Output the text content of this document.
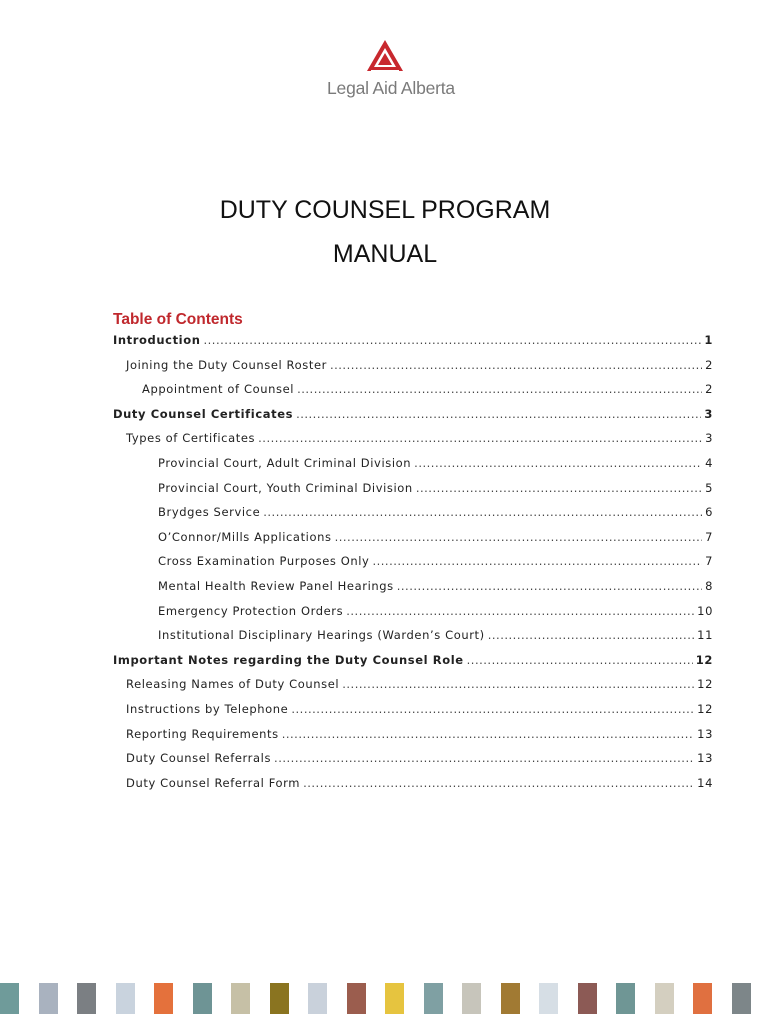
Legal Aid Alberta
DUTY COUNSEL PROGRAM
MANUAL
Table of Contents
Introduction .....	1
Joining the Duty Counsel Roster .....	2
Appointment of Counsel .....	2
Duty Counsel Certificates .....	3
Types of Certificates .....	3
Provincial Court, Adult Criminal Division .....	4
Provincial Court, Youth Criminal Division .....	5
Brydges Service .....	6
O’Connor/Mills Applications .....	7
Cross Examination Purposes Only .....	7
Mental Health Review Panel Hearings .....	8
Emergency Protection Orders .....	10
Institutional Disciplinary Hearings (Warden’s Court) .....	11
Important Notes regarding the Duty Counsel Role .....	12
Releasing Names of Duty Counsel .....	12
Instructions by Telephone .....	12
Reporting Requirements .....	13
Duty Counsel Referrals .....	13
Duty Counsel Referral Form .....	14
